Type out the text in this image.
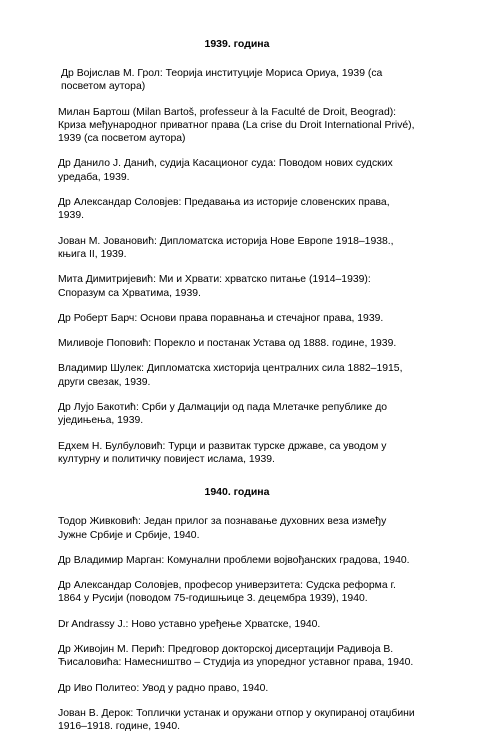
1939. година

Др Војислав М. Грол: Теорија институције Мориса Ориуа, 1939 (са посветом аутора)

Милан Бартош (Milan Bartoš, professeur à la Faculté de Droit, Beograd): Криза међународног приватног права (La crise du Droit International Privé), 1939 (са посветом аутора)

Др Данило Ј. Данић, судија Касационог суда: Поводом нових судских уредаба, 1939.

Др Александар Соловјев: Предавања из историје словенских права, 1939.

Јован М. Јовановић: Дипломатска историја Нове Европе 1918–1938., књига II, 1939.

Мита Димитријевић: Ми и Хрвати: хрватско питање (1914–1939): Споразум са Хрватима, 1939.

Др Роберт Барч: Основи права поравнања и стечајног права, 1939.

Миливоје Поповић: Порекло и постанак Устава од 1888. године, 1939.

Владимир Шулек: Дипломатска хисторија централних сила 1882–1915, други свезак, 1939.

Др Лујо Бакотић: Срби у Далмацији од пада Млетачке републике до уједињења, 1939.

Едхем Н. Булбуловић: Турци и развитак турске државе, са уводом у културну и политичку повијест ислама, 1939.

1940. година

Тодор Живковић: Један прилог за познавање духовних веза између Јужне Србије и Србије, 1940.

Др Владимир Марган: Комунални проблеми војвођанских градова, 1940.

Др Александар Соловјев, професор универзитета: Судска реформа г. 1864 у Русији (поводом 75-годишњице 3. децембра 1939), 1940.

Dr Andrassy J.: Ново уставно уређење Хрватске, 1940.

Др Живојин М. Перић: Предговор докторској дисертацији Радивоја В. Ћисаловића: Намесништво – Студија из упоредног уставног права, 1940.

Др Иво Политео: Увод у радно право, 1940.

Јован В. Дерок: Топлички устанак и оружани отпор у окупираној отаџбини 1916–1918. године, 1940.
